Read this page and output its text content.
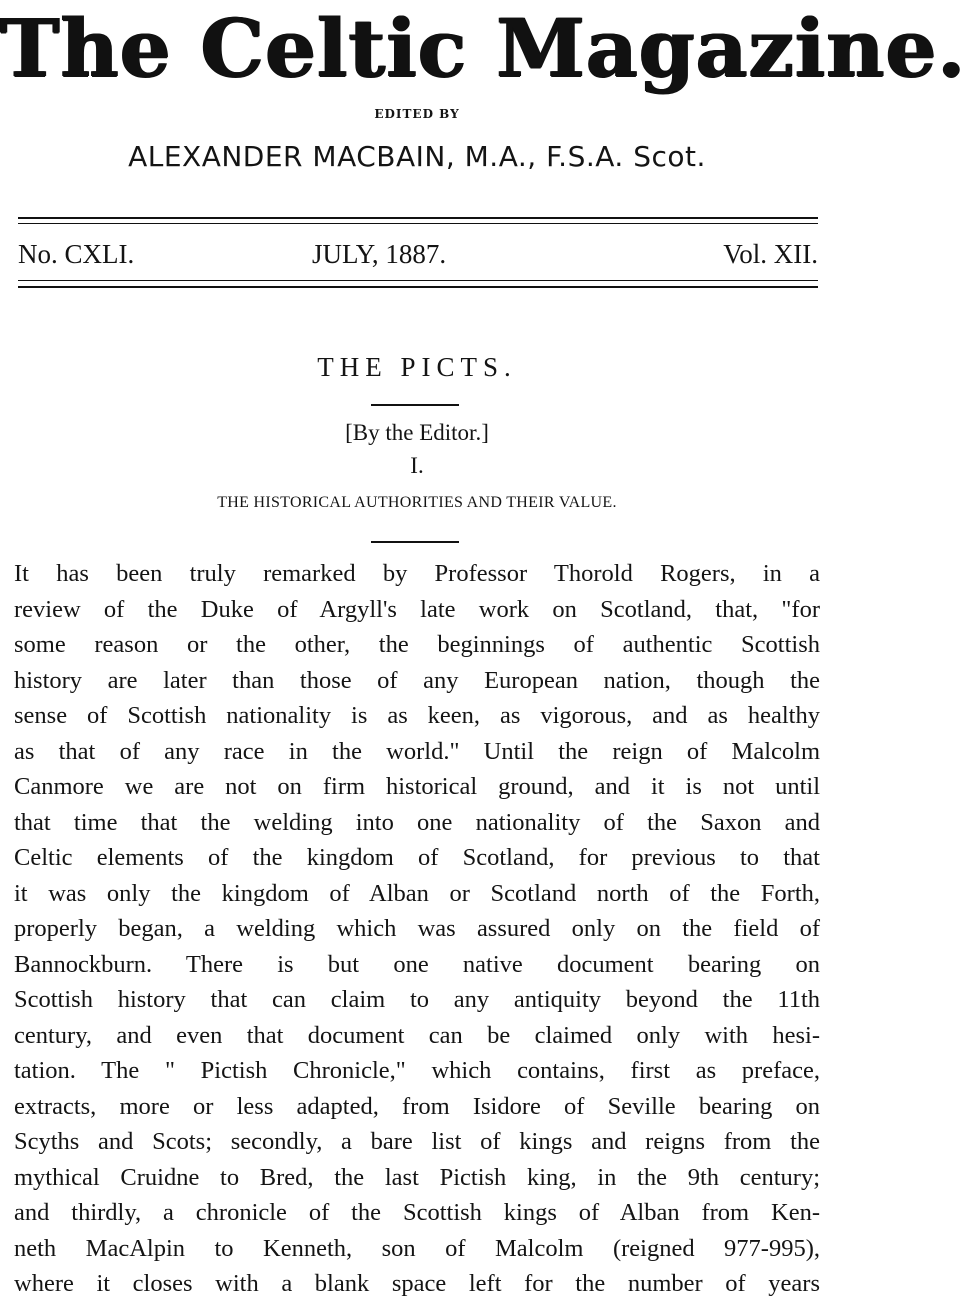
The Celtic Magazine.
EDITED BY
ALEXANDER MACBAIN, M.A., F.S.A. Scot.
No. CXLI.	JULY, 1887.	Vol. XII.
THE PICTS.
[By the Editor.]
I.
THE HISTORICAL AUTHORITIES AND THEIR VALUE.
It has been truly remarked by Professor Thorold Rogers, in a
review of the Duke of Argyll's late work on Scotland, that, "for
some reason or the other, the beginnings of authentic Scottish
history are later than those of any European nation, though the
sense of Scottish nationality is as keen, as vigorous, and as healthy
as that of any race in the world." Until the reign of Malcolm
Canmore we are not on firm historical ground, and it is not until
that time that the welding into one nationality of the Saxon and
Celtic elements of the kingdom of Scotland, for previous to that
it was only the kingdom of Alban or Scotland north of the Forth,
properly began, a welding which was assured only on the field of
Bannockburn. There is but one native document bearing on
Scottish history that can claim to any antiquity beyond the 11th
century, and even that document can be claimed only with hesi-
tation. The " Pictish Chronicle," which contains, first as preface,
extracts, more or less adapted, from Isidore of Seville bearing on
Scyths and Scots; secondly, a bare list of kings and reigns from the
mythical Cruidne to Bred, the last Pictish king, in the 9th century;
and thirdly, a chronicle of the Scottish kings of Alban from Ken-
neth MacAlpin to Kenneth, son of Malcolm (reigned 977-995),
where it closes with a blank space left for the number of years
